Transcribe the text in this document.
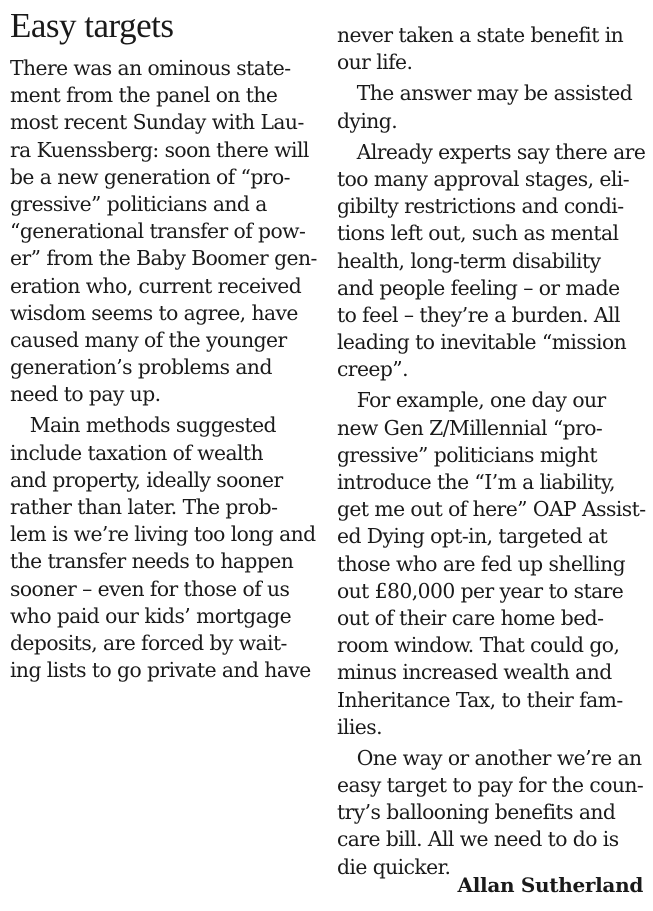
Easy targets
There was an ominous state-
ment from the panel on the
most recent Sunday with Lau-
ra Kuenssberg: soon there will
be a new generation of “pro-
gressive” politicians and a
“generational transfer of pow-
er” from the Baby Boomer gen-
eration who, current received
wisdom seems to agree, have
caused many of the younger
generation’s problems and
need to pay up.
 Main methods suggested
include taxation of wealth
and property, ideally sooner
rather than later. The prob-
lem is we’re living too long and
the transfer needs to happen
sooner – even for those of us
who paid our kids’ mortgage
deposits, are forced by wait-
ing lists to go private and have
never taken a state benefit in
our life.
 The answer may be assisted
dying.
 Already experts say there are
too many approval stages, eli-
gibilty restrictions and condi-
tions left out, such as mental
health, long-term disability
and people feeling – or made
to feel – they’re a burden. All
leading to inevitable “mission
creep”.
 For example, one day our
new Gen Z/Millennial “pro-
gressive” politicians might
introduce the “I’m a liability,
get me out of here” OAP Assist-
ed Dying opt-in, targeted at
those who are fed up shelling
out £80,000 per year to stare
out of their care home bed-
room window. That could go,
minus increased wealth and
Inheritance Tax, to their fam-
ilies.
 One way or another we’re an
easy target to pay for the coun-
try’s ballooning benefits and
care bill. All we need to do is
die quicker.
Allan Sutherland
